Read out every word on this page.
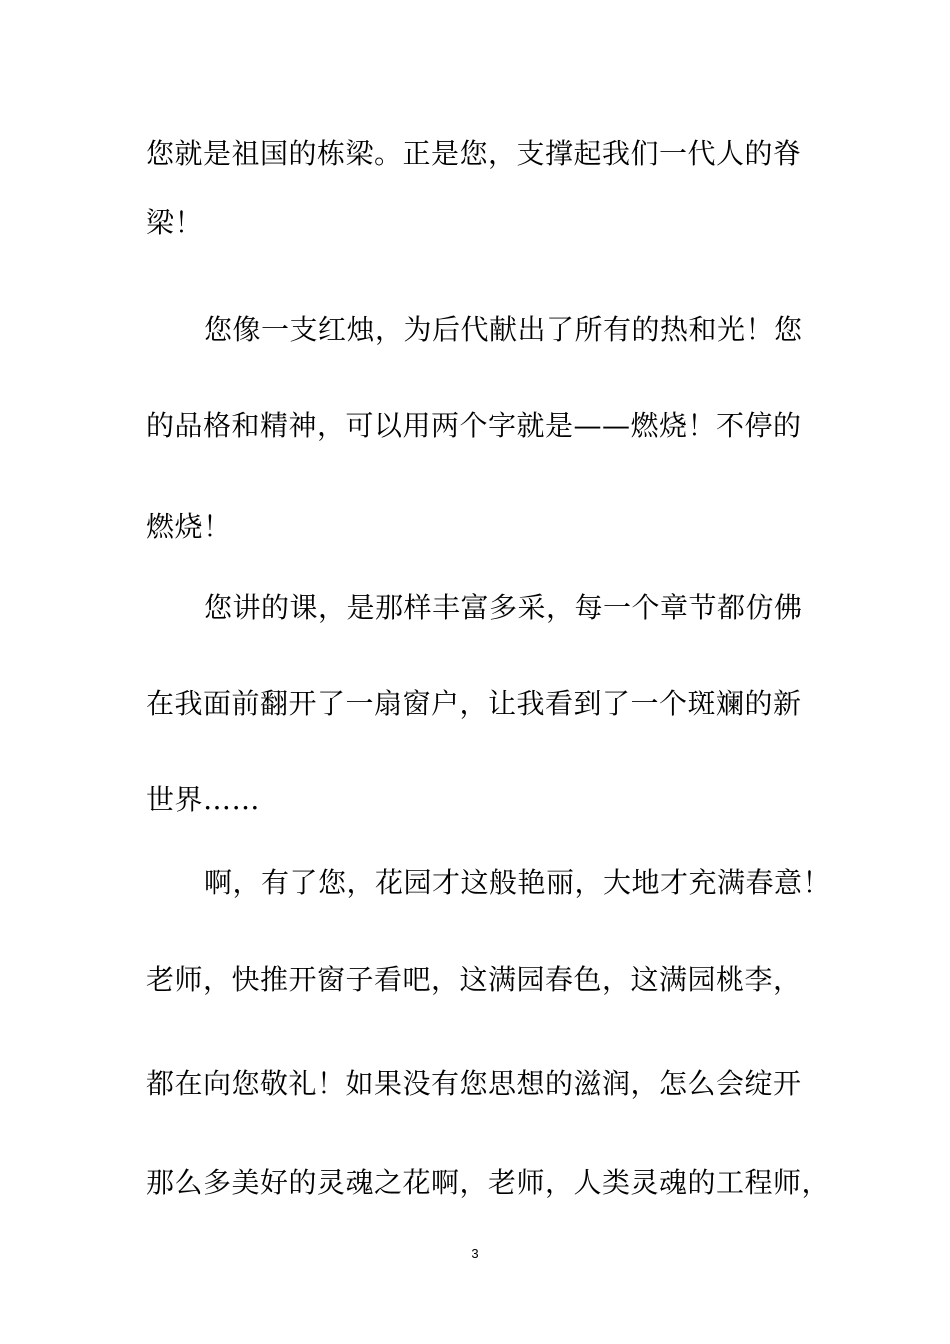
您就是祖国的栋梁。正是您，支撑起我们一代人的脊
梁！
您像一支红烛，为后代献出了所有的热和光！您
的品格和精神，可以用两个字就是——燃烧！不停的
燃烧！
您讲的课，是那样丰富多采，每一个章节都仿佛
在我面前翻开了一扇窗户，让我看到了一个斑斓的新
世界……
啊，有了您，花园才这般艳丽，大地才充满春意！
老师，快推开窗子看吧，这满园春色，这满园桃李，
都在向您敬礼！如果没有您思想的滋润，怎么会绽开
那么多美好的灵魂之花啊，老师，人类灵魂的工程师，
3
